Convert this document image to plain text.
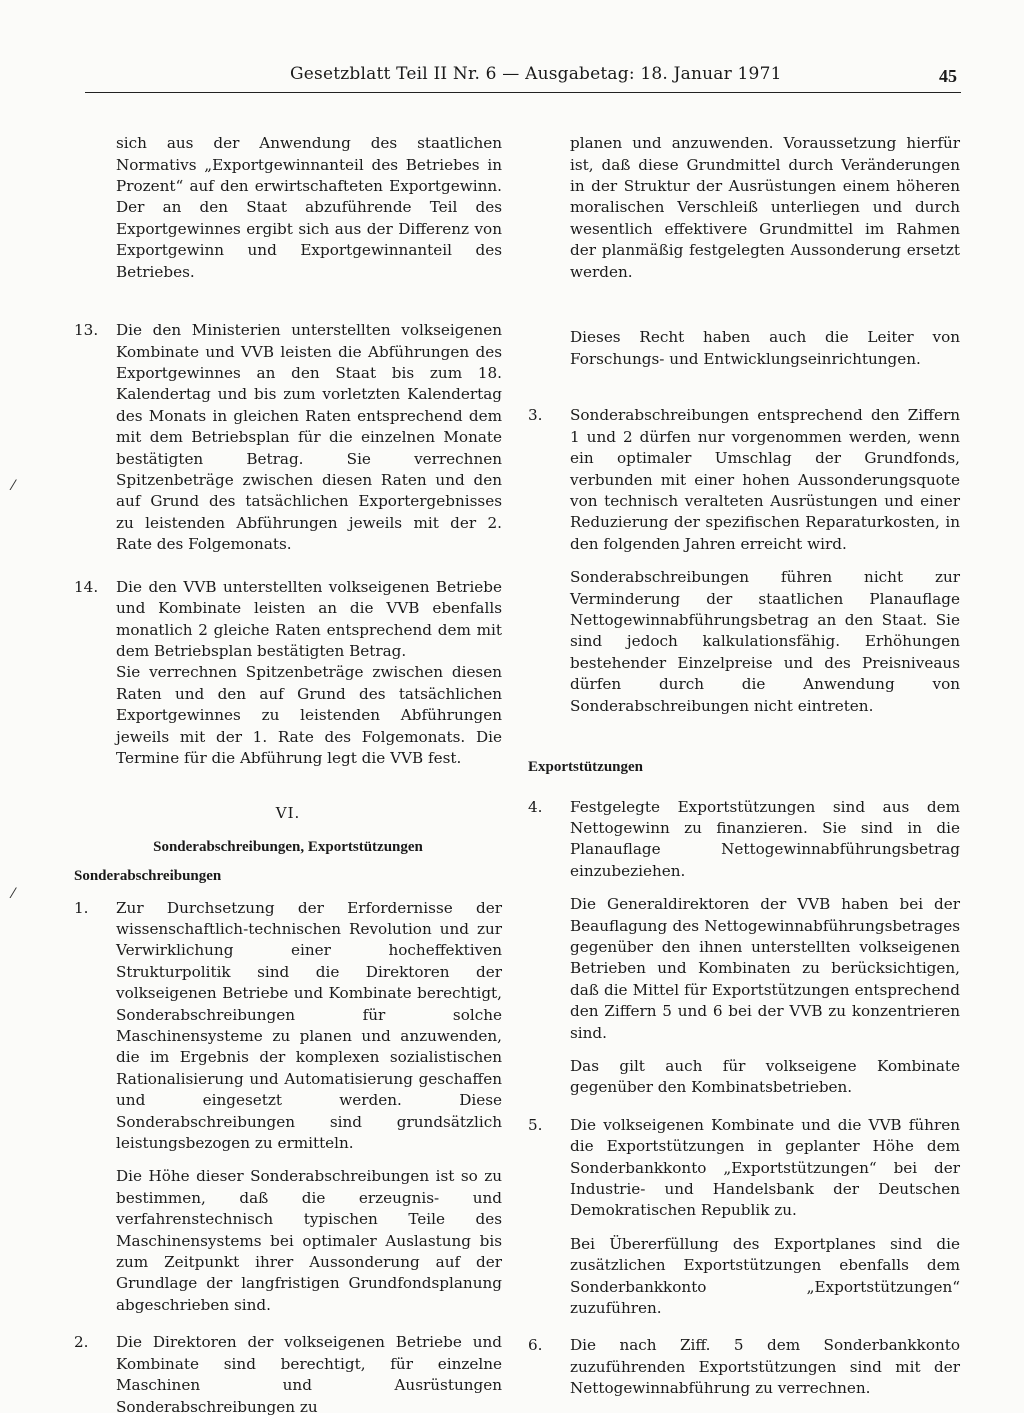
Gesetzblatt Teil II Nr. 6 — Ausgabetag: 18. Januar 1971	45
⁄
⁄

sich aus der Anwendung des staatlichen Normativs „Exportgewinnanteil des Betriebes in Prozent“ auf den erwirtschafteten Exportgewinn. Der an den Staat abzuführende Teil des Exportgewinnes ergibt sich aus der Differenz von Exportgewinn und Exportgewinnanteil des Betriebes.

13.	Die den Ministerien unterstellten volkseigenen Kombinate und VVB leisten die Abführungen des Exportgewinnes an den Staat bis zum 18. Kalendertag und bis zum vorletzten Kalendertag des Monats in gleichen Raten entsprechend dem mit dem Betriebsplan für die einzelnen Monate bestätigten Betrag. Sie verrechnen Spitzenbeträge zwischen diesen Raten und den auf Grund des tatsächlichen Exportergebnisses zu leistenden Abführungen jeweils mit der 2. Rate des Folgemonats.
14.	Die den VVB unterstellten volkseigenen Betriebe und Kombinate leisten an die VVB ebenfalls monatlich 2 gleiche Raten entsprechend dem mit dem Betriebsplan bestätigten Betrag.
Sie verrechnen Spitzenbeträge zwischen diesen Raten und den auf Grund des tatsächlichen Exportgewinnes zu leistenden Abführungen jeweils mit der 1. Rate des Folgemonats. Die Termine für die Abführung legt die VVB fest.
VI.
Sonderabschreibungen, Exportstützungen
Sonderabschreibungen
1.	Zur Durchsetzung der Erfordernisse der wissenschaftlich-technischen Revolution und zur Verwirklichung einer hocheffektiven Strukturpolitik sind die Direktoren der volkseigenen Betriebe und Kombinate berechtigt, Sonderabschreibungen für solche Maschinensysteme zu planen und anzuwenden, die im Ergebnis der komplexen sozialistischen Rationalisierung und Automatisierung geschaffen und eingesetzt werden. Diese Sonderabschreibungen sind grundsätzlich leistungsbezogen zu ermitteln.
Die Höhe dieser Sonderabschreibungen ist so zu bestimmen, daß die erzeugnis- und verfahrenstechnisch typischen Teile des Maschinensystems bei optimaler Auslastung bis zum Zeitpunkt ihrer Aussonderung auf der Grundlage der langfristigen Grundfondsplanung abgeschrieben sind.
2.	Die Direktoren der volkseigenen Betriebe und Kombinate sind berechtigt, für einzelne Maschinen und Ausrüstungen Sonderabschreibungen zu

planen und anzuwenden. Voraussetzung hierfür ist, daß diese Grundmittel durch Veränderungen in der Struktur der Ausrüstungen einem höheren moralischen Verschleiß unterliegen und durch wesentlich effektivere Grundmittel im Rahmen der planmäßig festgelegten Aussonderung ersetzt werden.

Dieses Recht haben auch die Leiter von Forschungs- und Entwicklungseinrichtungen.

3.	Sonderabschreibungen entsprechend den Ziffern 1 und 2 dürfen nur vorgenommen werden, wenn ein optimaler Umschlag der Grundfonds, verbunden mit einer hohen Aussonderungsquote von technisch veralteten Ausrüstungen und einer Reduzierung der spezifischen Reparaturkosten, in den folgenden Jahren erreicht wird.
Sonderabschreibungen führen nicht zur Verminderung der staatlichen Planauflage Nettogewinnabführungsbetrag an den Staat. Sie sind jedoch kalkulationsfähig. Erhöhungen bestehender Einzelpreise und des Preisniveaus dürfen durch die Anwendung von Sonderabschreibungen nicht eintreten.
Exportstützungen
4.	Festgelegte Exportstützungen sind aus dem Nettogewinn zu finanzieren. Sie sind in die Planauflage Nettogewinnabführungsbetrag einzubeziehen.
Die Generaldirektoren der VVB haben bei der Beauflagung des Nettogewinnabführungsbetrages gegenüber den ihnen unterstellten volkseigenen Betrieben und Kombinaten zu berücksichtigen, daß die Mittel für Exportstützungen entsprechend den Ziffern 5 und 6 bei der VVB zu konzentrieren sind.
Das gilt auch für volkseigene Kombinate gegenüber den Kombinatsbetrieben.
5.	Die volkseigenen Kombinate und die VVB führen die Exportstützungen in geplanter Höhe dem Sonderbankkonto „Exportstützungen“ bei der Industrie- und Handelsbank der Deutschen Demokratischen Republik zu.
Bei Übererfüllung des Exportplanes sind die zusätzlichen Exportstützungen ebenfalls dem Sonderbankkonto „Exportstützungen“ zuzuführen.
6.	Die nach Ziff. 5 dem Sonderbankkonto zuzuführenden Exportstützungen sind mit der Nettogewinnabführung zu verrechnen.
